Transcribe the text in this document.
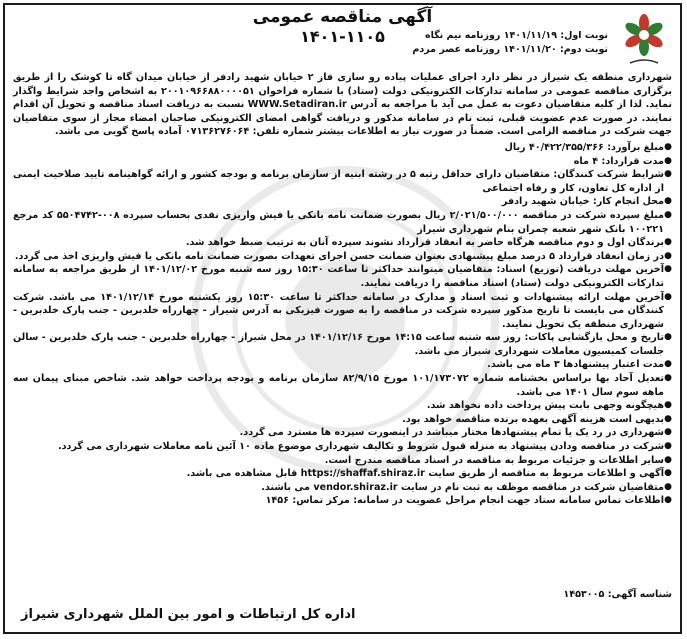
آگهی مناقصه عمومی

۱۴۰۱-۱۱۰۵	نوبت اول: ۱۴۰۱/۱۱/۱۹ روزنامه نیم نگاه
نوبت دوم: ۱۴۰۱/۱۱/۲۰ روزنامه عصر مردم

شهرداری منطقه یک شیراز در نظر دارد اجرای عملیات پیاده رو سازی فاز ۲ خیابان شهید رادفر از خیابان میدان گاه تا کوشک را از طریق برگزاری مناقصه عمومی در سامانه تدارکات الکترونیکی دولت (ستاد) با شماره فراخوان ۲۰۰۱۰۹۶۶۸۸۰۰۰۰۵۱ به اشخاص واجد شرایط واگذار نماید. لذا از کلیه متقاضیان دعوت به عمل می آید با مراجعه به آدرس WWW.Setadiran.ir نسبت به دریافت اسناد مناقصه و تحویل آن اقدام نمایند. در صورت عدم عضویت قبلی، ثبت نام در سامانه مذکور و دریافت گواهی امضای الکترونیکی صاحبان امضاء مجاز از سوی متقاضیان جهت شرکت در مناقصه الزامی است. ضمناً در صورت نیاز به اطلاعات بیشتر شماره تلفن: ۰۷۱۳۶۲۷۶۰۶۴ آماده پاسخ گویی می باشد.

●
مبلغ برآورد: ۴۰/۴۲۲/۳۵۵/۳۶۶ ریال

●
مدت قرارداد: ۴ ماه

●
شرایط شرکت کنندگان: متقاضیان دارای حداقل رتبه ۵ در رشته ابنیه از سازمان برنامه و بودجه کشور و ارائه گواهینامه تایید صلاحیت ایمنی از اداره کل تعاون، کار و رفاه اجتماعی

●
محل انجام کار: خیابان شهید رادفر

●
مبلغ سپرده شرکت در مناقصه ۲/۰۲۱/۵۰۰/۰۰۰ ریال بصورت ضمانت نامه بانکی یا فیش واریزی نقدی بحساب سپرده ۰۰۸-۵۵۰۴۷۴۲ کد مرجع ۱۰۰۲۲۱ بانک شهر شعبه چمران بنام شهرداری شیراز

●
برندگان اول و دوم مناقصه هرگاه حاضر به انعقاد قرارداد نشوند سپرده آنان به ترتیب ضبط خواهد شد.

●
در زمان انعقاد قرارداد ۵ درصد مبلغ پیشنهادی بعنوان ضمانت حسن اجرای تعهدات بصورت ضمانت نامه بانکی یا فیش واریزی اخذ می گردد.

●
آخرین مهلت دریافت (توزیع) اسناد: متقاضیان میتوانند حداکثر تا ساعت ۱۵:۳۰ روز سه شنبه مورخ ۱۴۰۱/۱۲/۰۲ از طریق مراجعه به سامانه تدارکات الکترونیکی دولت (ستاد) اسناد مناقصه را دریافت نمایند.

●
آخرین مهلت ارائه پیشنهادات و ثبت اسناد و مدارک در سامانه حداکثر تا ساعت ۱۵:۳۰ روز یکشنبه مورخ ۱۴۰۱/۱۲/۱۴ می باشد. شرکت کنندگان می بایست تا تاریخ مذکور سپرده شرکت در مناقصه را به صورت فیزیکی به آدرس شیراز - چهارراه خلدبرین - جنب پارک خلدبرین - شهرداری منطقه یک تحویل نمایند.

●
تاریخ و محل بازگشایی پاکات: روز سه شنبه ساعت ۱۴:۱۵ مورخ ۱۴۰۱/۱۲/۱۶ در محل شیراز - چهارراه خلدبرین - جنب پارک خلدبرین - سالن جلسات کمیسیون معاملات شهرداری شیراز می باشد.

●
مدت اعتبار پیشنهادها ۳ ماه می باشد.

●
تعدیل آحاد بها براساس بخشنامه شماره ۱۰۱/۱۷۳۰۷۲ مورخ ۸۲/۹/۱۵ سازمان برنامه و بودجه پرداخت خواهد شد. شاخص مبنای پیمان سه ماهه سوم سال ۱۴۰۱ می باشد.

●
هیچگونه وجهی بابت پیش پرداخت داده نخواهد شد.

●
بدیهی است هزینه آگهی بعهده برنده مناقصه خواهد بود.

●
شهرداری در رد یک یا تمام پیشنهادها مختار میباشد در اینصورت سپرده ها مسترد می گردد.

●
شرکت در مناقصه ودادن پیشنهاد به منزله قبول شروط و تکالیف شهرداری موضوع ماده ۱۰ آئین نامه معاملات شهرداری می گردد.

●
سایر اطلاعات و جزئیات مربوط به مناقصه در اسناد مناقصه مندرج است.

●
آگهی و اطلاعات مربوط به مناقصه از طریق سایت https://shaffaf.shiraz.ir قابل مشاهده می باشد.

●
متقاضیان شرکت در مناقصه موظف به ثبت نام در سایت vendor.shiraz.ir می باشند.

●
اطلاعات تماس سامانه ستاد جهت انجام مراحل عضویت در سامانه: مرکز تماس: ۱۴۵۶

شناسه آگهی: ۱۴۵۳۰۰۵
اداره کل ارتباطات و امور بین الملل شهرداری شیراز
